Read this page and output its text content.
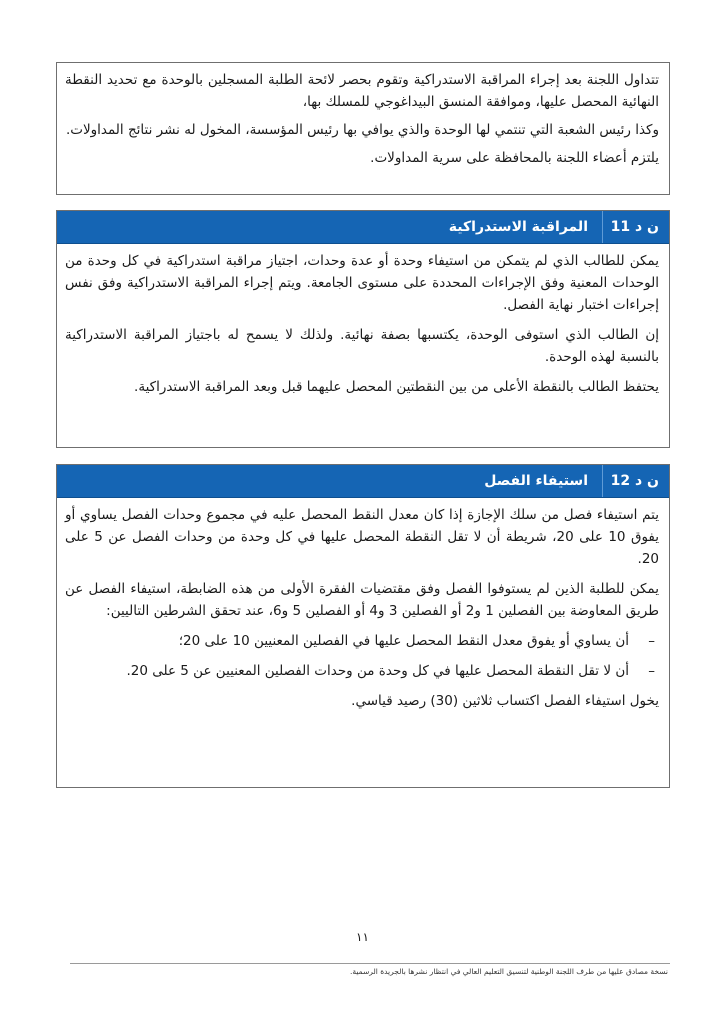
تتداول اللجنة بعد إجراء المراقبة الاستدراكية وتقوم بحصر لائحة الطلبة المسجلين بالوحدة مع تحديد النقطة النهائية المحصل عليها، وموافقة المنسق البيداغوجي للمسلك بها،

وكذا رئيس الشعبة التي تنتمي لها الوحدة والذي يوافي بها رئيس المؤسسة، المخول له نشر نتائج المداولات.

يلتزم أعضاء اللجنة بالمحافظة على سرية المداولات.

ن د 11
المراقبة الاستدراكية

يمكن للطالب الذي لم يتمكن من استيفاء وحدة أو عدة وحدات، اجتياز مراقبة استدراكية في كل وحدة من الوحدات المعنية وفق الإجراءات المحددة على مستوى الجامعة. ويتم إجراء المراقبة الاستدراكية وفق نفس إجراءات اختبار نهاية الفصل.

إن الطالب الذي استوفى الوحدة، يكتسبها بصفة نهائية. ولذلك لا يسمح له باجتياز المراقبة الاستدراكية بالنسبة لهذه الوحدة.

يحتفظ الطالب بالنقطة الأعلى من بين النقطتين المحصل عليهما قبل وبعد المراقبة الاستدراكية.

ن د 12
استيفاء الفصل

يتم استيفاء فصل من سلك الإجازة إذا كان معدل النقط المحصل عليه في مجموع وحدات الفصل يساوي أو يفوق 10 على 20، شريطة أن لا تقل النقطة المحصل عليها في كل وحدة من وحدات الفصل عن 5 على 20.

يمكن للطلبة الذين لم يستوفوا الفصل وفق مقتضيات الفقرة الأولى من هذه الضابطة، استيفاء الفصل عن طريق المعاوضة بين الفصلين 1 و2 أو الفصلين 3 و4 أو الفصلين 5 و6، عند تحقق الشرطين التاليين:

–
أن يساوي أو يفوق معدل النقط المحصل عليها في الفصلين المعنيين 10 على 20؛
–
أن لا تقل النقطة المحصل عليها في كل وحدة من وحدات الفصلين المعنيين عن 5 على 20.

يخول استيفاء الفصل اكتساب ثلاثين (30) رصيد قياسي.

١١
نسخة مصادق عليها من طرف اللجنة الوطنية لتنسيق التعليم العالي في انتظار نشرها بالجريدة الرسمية.
